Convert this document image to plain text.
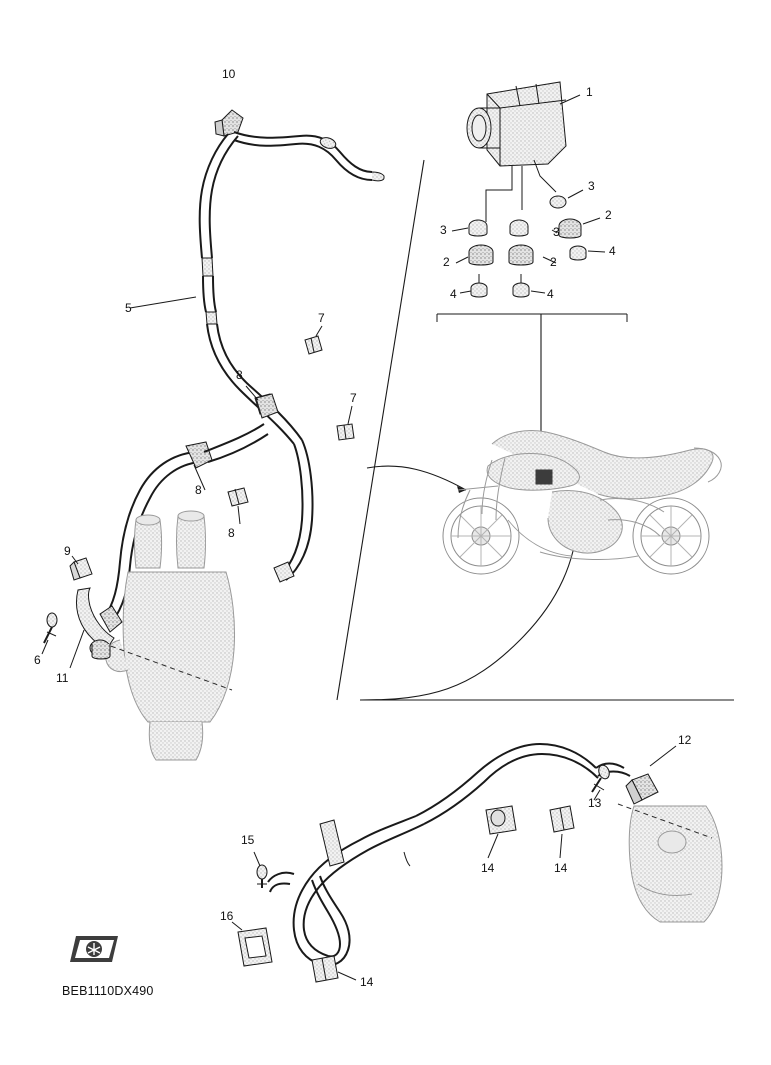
1
3
2
3
4
3
2	2
4	4
10
5
7
7
8
8
8
9
6
11
12
13
14	14
14
15
16
BEB1110DX490
